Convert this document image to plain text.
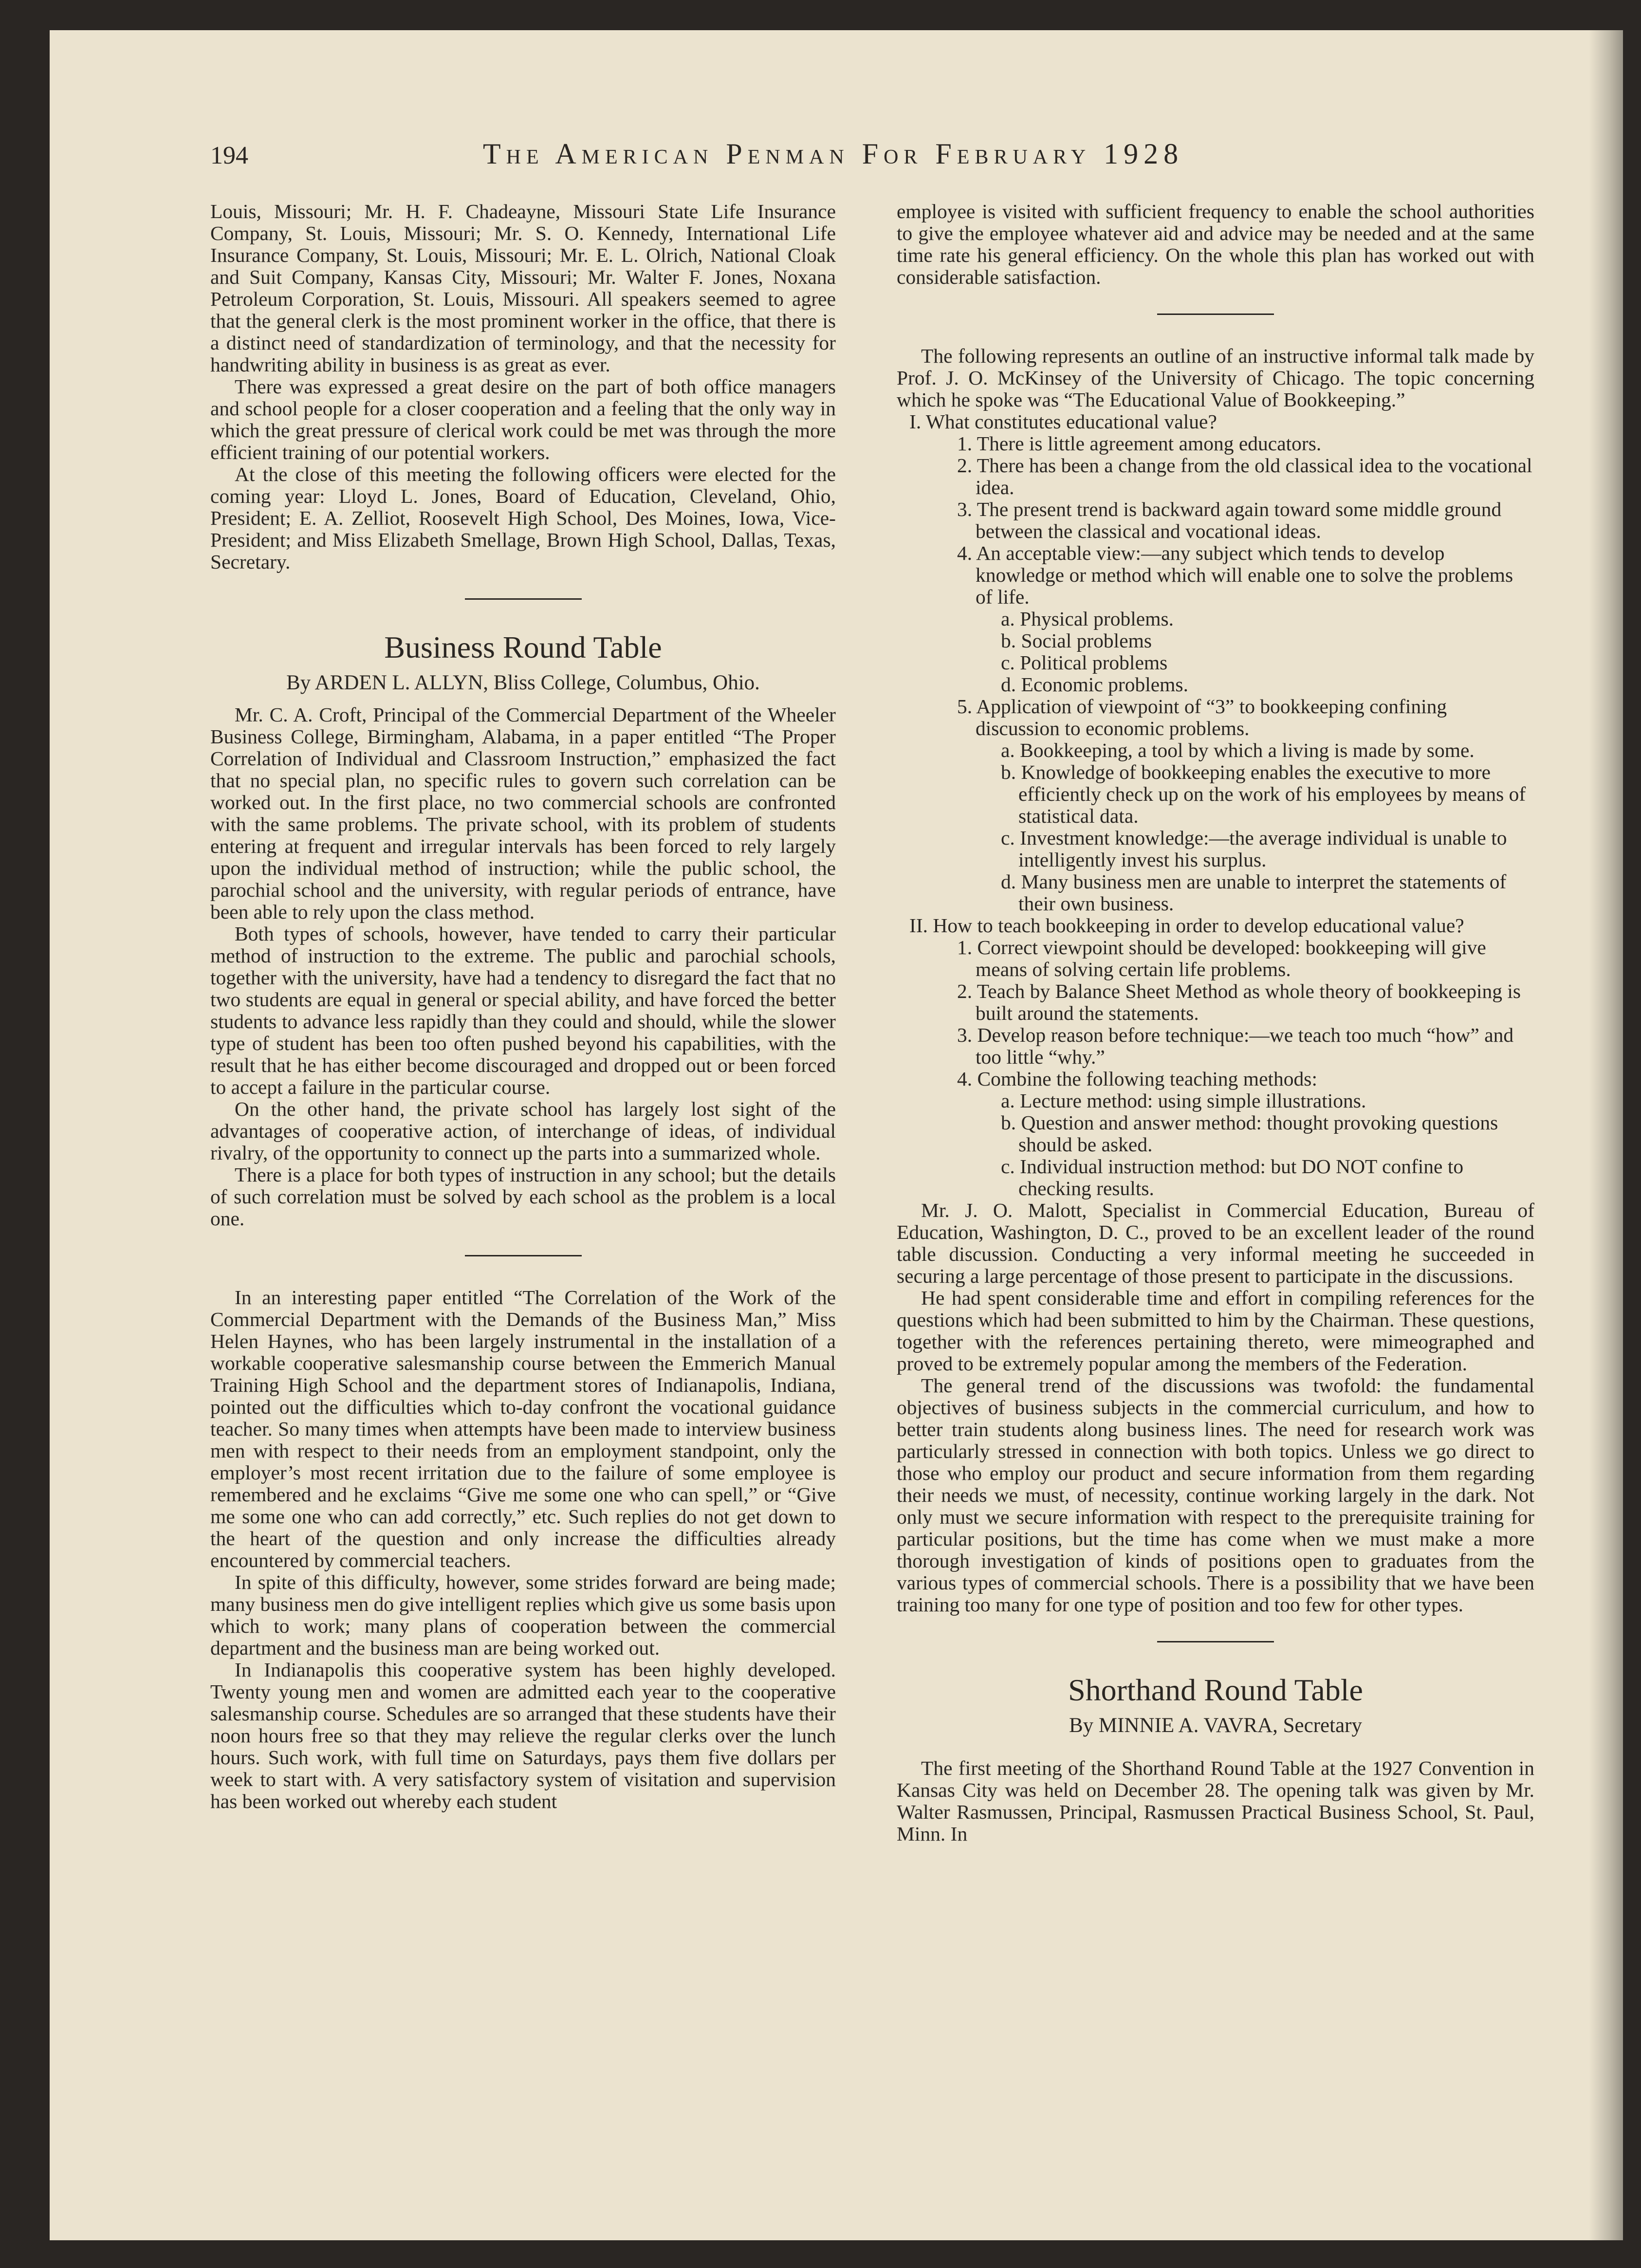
194	The American Penman For February 1928

Louis, Missouri; Mr. H. F. Chadeayne, Missouri State Life Insurance Company, St. Louis, Missouri; Mr. S. O. Kennedy, International Life Insurance Company, St. Louis, Missouri; Mr. E. L. Olrich, National Cloak and Suit Company, Kansas City, Missouri; Mr. Walter F. Jones, Noxana Petroleum Corporation, St. Louis, Missouri. All speakers seemed to agree that the general clerk is the most prominent worker in the office, that there is a distinct need of standardization of terminology, and that the necessity for handwriting ability in business is as great as ever.

There was expressed a great desire on the part of both office managers and school people for a closer cooperation and a feeling that the only way in which the great pressure of clerical work could be met was through the more efficient training of our potential workers.

At the close of this meeting the following officers were elected for the coming year: Lloyd L. Jones, Board of Education, Cleveland, Ohio, President; E. A. Zelliot, Roosevelt High School, Des Moines, Iowa, Vice-President; and Miss Elizabeth Smellage, Brown High School, Dallas, Texas, Secretary.

Business Round Table
By ARDEN L. ALLYN, Bliss College, Columbus, Ohio.

Mr. C. A. Croft, Principal of the Commercial Department of the Wheeler Business College, Birmingham, Alabama, in a paper entitled “The Proper Correlation of Individual and Classroom Instruction,” emphasized the fact that no special plan, no specific rules to govern such correlation can be worked out. In the first place, no two commercial schools are confronted with the same problems. The private school, with its problem of students entering at frequent and irregular intervals has been forced to rely largely upon the individual method of instruction; while the public school, the parochial school and the university, with regular periods of entrance, have been able to rely upon the class method.

Both types of schools, however, have tended to carry their particular method of instruction to the extreme. The public and parochial schools, together with the university, have had a tendency to disregard the fact that no two students are equal in general or special ability, and have forced the better students to advance less rapidly than they could and should, while the slower type of student has been too often pushed beyond his capabilities, with the result that he has either become discouraged and dropped out or been forced to accept a failure in the particular course.

On the other hand, the private school has largely lost sight of the advantages of cooperative action, of interchange of ideas, of individual rivalry, of the opportunity to connect up the parts into a summarized whole.

There is a place for both types of instruction in any school; but the details of such correlation must be solved by each school as the problem is a local one.

In an interesting paper entitled “The Correlation of the Work of the Commercial Department with the Demands of the Business Man,” Miss Helen Haynes, who has been largely instrumental in the installation of a workable cooperative salesmanship course between the Emmerich Manual Training High School and the department stores of Indianapolis, Indiana, pointed out the difficulties which to-day confront the vocational guidance teacher. So many times when attempts have been made to interview business men with respect to their needs from an employment standpoint, only the employer’s most recent irritation due to the failure of some employee is remembered and he exclaims “Give me some one who can spell,” or “Give me some one who can add correctly,” etc. Such replies do not get down to the heart of the question and only increase the difficulties already encountered by commercial teachers.

In spite of this difficulty, however, some strides forward are being made; many business men do give intelligent replies which give us some basis upon which to work; many plans of cooperation between the commercial department and the business man are being worked out.

In Indianapolis this cooperative system has been highly developed. Twenty young men and women are admitted each year to the cooperative salesmanship course. Schedules are so arranged that these students have their noon hours free so that they may relieve the regular clerks over the lunch hours. Such work, with full time on Saturdays, pays them five dollars per week to start with. A very satisfactory system of visitation and supervision has been worked out whereby each student

employee is visited with sufficient frequency to enable the school authorities to give the employee whatever aid and advice may be needed and at the same time rate his general efficiency. On the whole this plan has worked out with considerable satisfaction.

The following represents an outline of an instructive informal talk made by Prof. J. O. McKinsey of the University of Chicago. The topic concerning which he spoke was “The Educational Value of Bookkeeping.”

I. What constitutes educational value?
1. There is little agreement among educators.
2. There has been a change from the old classical idea to the vocational idea.
3. The present trend is backward again toward some middle ground between the classical and vocational ideas.
4. An acceptable view:—any subject which tends to develop knowledge or method which will enable one to solve the problems of life.
a. Physical problems.
b. Social problems
c. Political problems
d. Economic problems.
5. Application of viewpoint of “3” to bookkeeping confining discussion to economic problems.
a. Bookkeeping, a tool by which a living is made by some.
b. Knowledge of bookkeeping enables the executive to more efficiently check up on the work of his employees by means of statistical data.
c. Investment knowledge:—the average individual is unable to intelligently invest his surplus.
d. Many business men are unable to interpret the statements of their own business.
II. How to teach bookkeeping in order to develop educational value?
1. Correct viewpoint should be developed: bookkeeping will give means of solving certain life problems.
2. Teach by Balance Sheet Method as whole theory of bookkeeping is built around the statements.
3. Develop reason before technique:—we teach too much “how” and too little “why.”
4. Combine the following teaching methods:
a. Lecture method: using simple illustrations.
b. Question and answer method: thought provoking questions should be asked.
c. Individual instruction method: but DO NOT confine to checking results.

Mr. J. O. Malott, Specialist in Commercial Education, Bureau of Education, Washington, D. C., proved to be an excellent leader of the round table discussion. Conducting a very informal meeting he succeeded in securing a large percentage of those present to participate in the discussions.

He had spent considerable time and effort in compiling references for the questions which had been submitted to him by the Chairman. These questions, together with the references pertaining thereto, were mimeographed and proved to be extremely popular among the members of the Federation.

The general trend of the discussions was twofold: the fundamental objectives of business subjects in the commercial curriculum, and how to better train students along business lines. The need for research work was particularly stressed in connection with both topics. Unless we go direct to those who employ our product and secure information from them regarding their needs we must, of necessity, continue working largely in the dark. Not only must we secure information with respect to the prerequisite training for particular positions, but the time has come when we must make a more thorough investigation of kinds of positions open to graduates from the various types of commercial schools. There is a possibility that we have been training too many for one type of position and too few for other types.

Shorthand Round Table
By MINNIE A. VAVRA, Secretary

The first meeting of the Shorthand Round Table at the 1927 Convention in Kansas City was held on December 28. The opening talk was given by Mr. Walter Rasmussen, Principal, Rasmussen Practical Business School, St. Paul, Minn. In
